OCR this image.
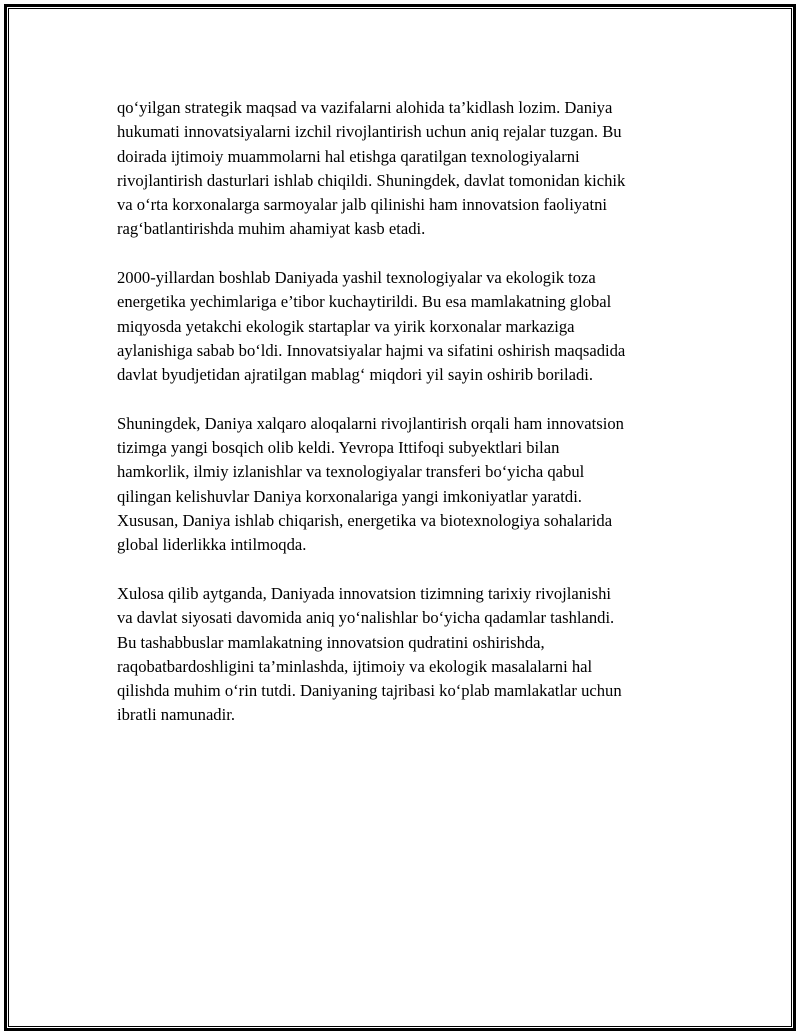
qo‘yilgan strategik maqsad va vazifalarni alohida ta’kidlash lozim. Daniya
hukumati innovatsiyalarni izchil rivojlantirish uchun aniq rejalar tuzgan. Bu
doirada ijtimoiy muammolarni hal etishga qaratilgan texnologiyalarni
rivojlantirish dasturlari ishlab chiqildi. Shuningdek, davlat tomonidan kichik
va o‘rta korxonalarga sarmoyalar jalb qilinishi ham innovatsion faoliyatni
rag‘batlantirishda muhim ahamiyat kasb etadi.

2000-yillardan boshlab Daniyada yashil texnologiyalar va ekologik toza
energetika yechimlariga e’tibor kuchaytirildi. Bu esa mamlakatning global
miqyosda yetakchi ekologik startaplar va yirik korxonalar markaziga
aylanishiga sabab bo‘ldi. Innovatsiyalar hajmi va sifatini oshirish maqsadida
davlat byudjetidan ajratilgan mablag‘ miqdori yil sayin oshirib boriladi.

Shuningdek, Daniya xalqaro aloqalarni rivojlantirish orqali ham innovatsion
tizimga yangi bosqich olib keldi. Yevropa Ittifoqi subyektlari bilan
hamkorlik, ilmiy izlanishlar va texnologiyalar transferi bo‘yicha qabul
qilingan kelishuvlar Daniya korxonalariga yangi imkoniyatlar yaratdi.
Xususan, Daniya ishlab chiqarish, energetika va biotexnologiya sohalarida
global liderlikka intilmoqda.

Xulosa qilib aytganda, Daniyada innovatsion tizimning tarixiy rivojlanishi
va davlat siyosati davomida aniq yo‘nalishlar bo‘yicha qadamlar tashlandi.
Bu tashabbuslar mamlakatning innovatsion qudratini oshirishda,
raqobatbardoshligini ta’minlashda, ijtimoiy va ekologik masalalarni hal
qilishda muhim o‘rin tutdi. Daniyaning tajribasi ko‘plab mamlakatlar uchun
ibratli namunadir.
